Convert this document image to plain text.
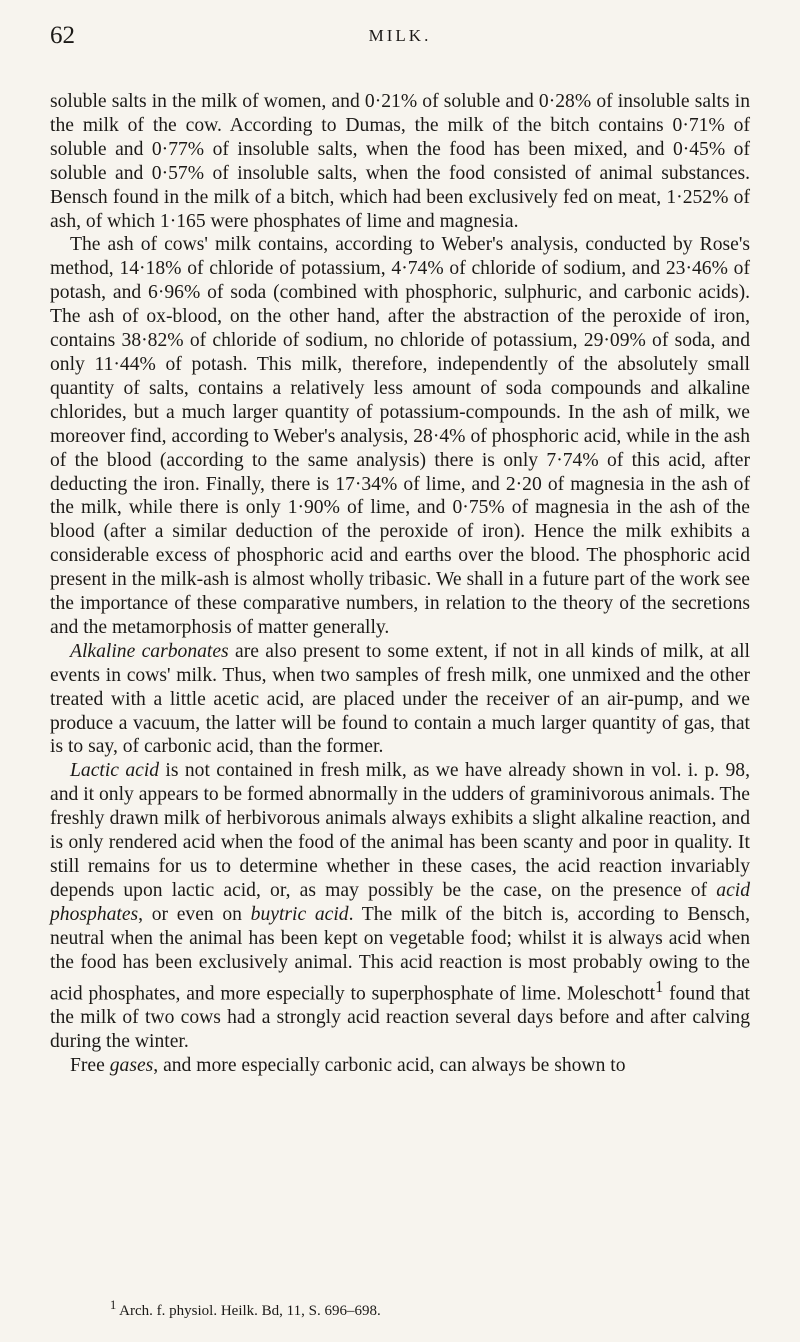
62	MILK.

soluble salts in the milk of women, and 0·21% of soluble and 0·28% of insoluble salts in the milk of the cow. According to Dumas, the milk of the bitch contains 0·71% of soluble and 0·77% of insoluble salts, when the food has been mixed, and 0·45% of soluble and 0·57% of insoluble salts, when the food consisted of animal substances. Bensch found in the milk of a bitch, which had been exclusively fed on meat, 1·252% of ash, of which 1·165 were phosphates of lime and magnesia.

The ash of cows' milk contains, according to Weber's analysis, conducted by Rose's method, 14·18% of chloride of potassium, 4·74% of chloride of sodium, and 23·46% of potash, and 6·96% of soda (combined with phosphoric, sulphuric, and carbonic acids). The ash of ox-blood, on the other hand, after the abstraction of the peroxide of iron, contains 38·82% of chloride of sodium, no chloride of potassium, 29·09% of soda, and only 11·44% of potash. This milk, therefore, independently of the absolutely small quantity of salts, contains a relatively less amount of soda compounds and alkaline chlorides, but a much larger quantity of potassium-compounds. In the ash of milk, we moreover find, according to Weber's analysis, 28·4% of phosphoric acid, while in the ash of the blood (according to the same analysis) there is only 7·74% of this acid, after deducting the iron. Finally, there is 17·34% of lime, and 2·20 of magnesia in the ash of the milk, while there is only 1·90% of lime, and 0·75% of magnesia in the ash of the blood (after a similar deduction of the peroxide of iron). Hence the milk exhibits a considerable excess of phosphoric acid and earths over the blood. The phosphoric acid present in the milk-ash is almost wholly tribasic. We shall in a future part of the work see the importance of these comparative numbers, in relation to the theory of the secretions and the metamorphosis of matter generally.

Alkaline carbonates are also present to some extent, if not in all kinds of milk, at all events in cows' milk. Thus, when two samples of fresh milk, one unmixed and the other treated with a little acetic acid, are placed under the receiver of an air-pump, and we produce a vacuum, the latter will be found to contain a much larger quantity of gas, that is to say, of carbonic acid, than the former.

Lactic acid is not contained in fresh milk, as we have already shown in vol. i. p. 98, and it only appears to be formed abnormally in the udders of graminivorous animals. The freshly drawn milk of herbivorous animals always exhibits a slight alkaline reaction, and is only rendered acid when the food of the animal has been scanty and poor in quality. It still remains for us to determine whether in these cases, the acid reaction invariably depends upon lactic acid, or, as may possibly be the case, on the presence of acid phosphates, or even on buytric acid. The milk of the bitch is, according to Bensch, neutral when the animal has been kept on vegetable food; whilst it is always acid when the food has been exclusively animal. This acid reaction is most probably owing to the acid phosphates, and more especially to superphosphate of lime. Moleschott$^1$ found that the milk of two cows had a strongly acid reaction several days before and after calving during the winter.

Free gases, and more especially carbonic acid, can always be shown to

$^1$ Arch. f. physiol. Heilk. Bd, 11, S. 696–698.
